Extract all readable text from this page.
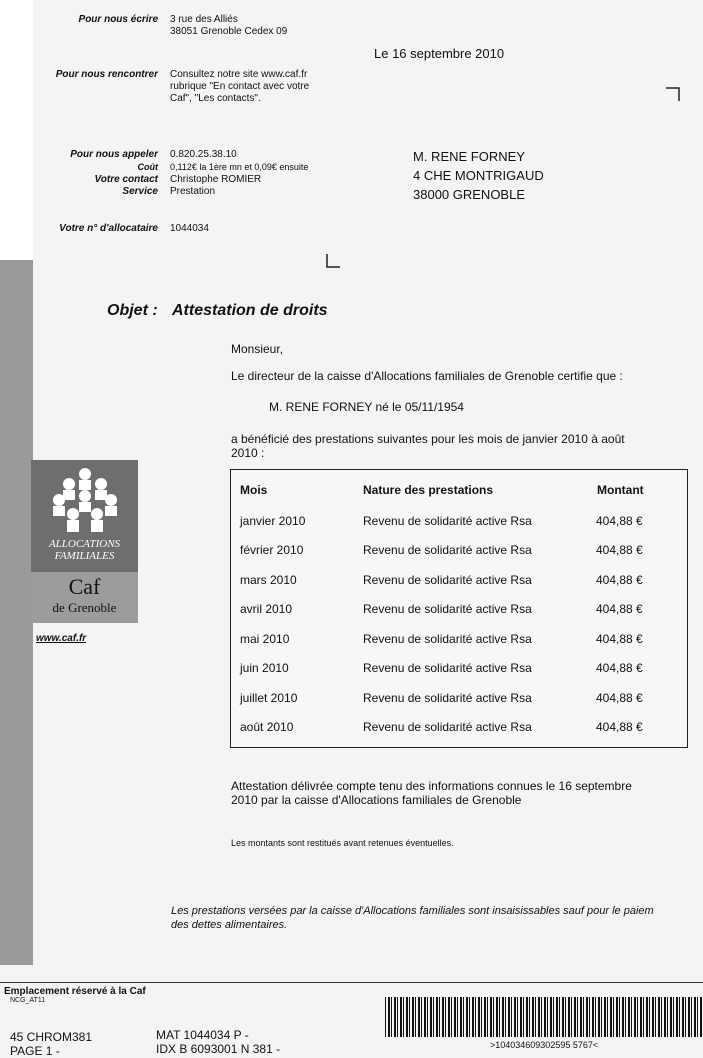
Pour nous écrire 3 rue des Alliés
38051 Grenoble Cedex 09
Pour nous rencontrer Consultez notre site www.caf.fr
rubrique "En contact avec votre
Caf", "Les contacts".
Pour nous appeler 0.820.25.38.10
Coût 0,112€ la 1ère mn et 0,09€ ensuite
Votre contact Christophe ROMIER
Service Prestation
Votre n° d'allocataire 1044034
Le 16 septembre 2010
M. RENE FORNEY
4 CHE MONTRIGAUD
38000 GRENOBLE
Objet : Attestation de droits
Monsieur,
Le directeur de la caisse d'Allocations familiales de Grenoble certifie que :
M. RENE FORNEY né le 05/11/1954
a bénéficié des prestations suivantes pour les mois de janvier 2010 à août
2010 :
ALLOCATIONS
FAMILIALES
Caf
de Grenoble
www.caf.fr
Mois	Nature des prestations	Montant
janvier 2010	Revenu de solidarité active Rsa	404,88 €
février 2010	Revenu de solidarité active Rsa	404,88 €
mars 2010	Revenu de solidarité active Rsa	404,88 €
avril 2010	Revenu de solidarité active Rsa	404,88 €
mai 2010	Revenu de solidarité active Rsa	404,88 €
juin 2010	Revenu de solidarité active Rsa	404,88 €
juillet 2010	Revenu de solidarité active Rsa	404,88 €
août 2010	Revenu de solidarité active Rsa	404,88 €
Attestation délivrée compte tenu des informations connues le 16 septembre
2010 par la caisse d'Allocations familiales de Grenoble
Les montants sont restitués avant retenues éventuelles.
Les prestations versées par la caisse d'Allocations familiales sont insaisissables sauf pour le paiem
des dettes alimentaires.
Emplacement réservé à la Caf
NCG_AT11
45 CHROM381
PAGE 1 -
MAT 1044034 P -
IDX B 6093001 N 381 -	>104034609302595 5767<
